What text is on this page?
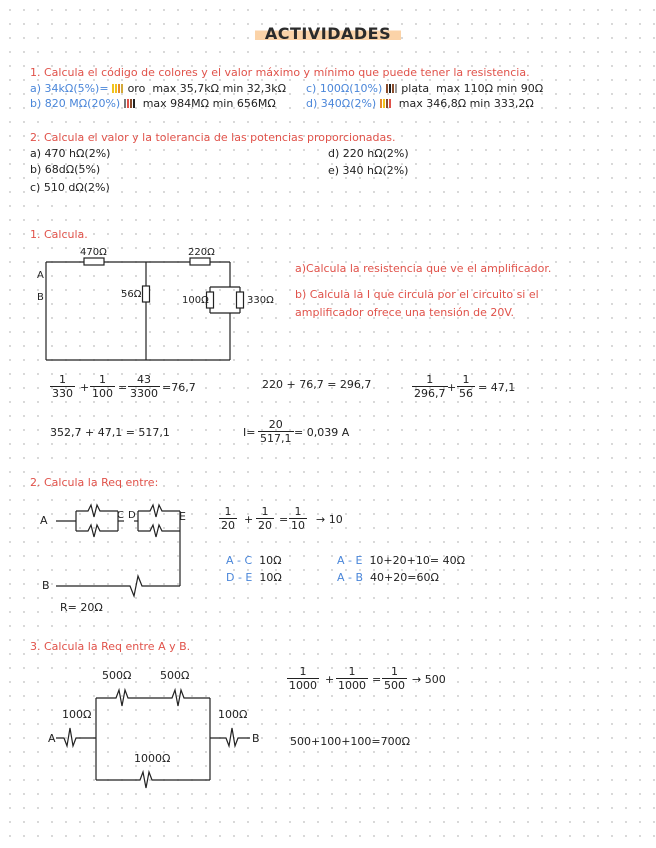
ACTIVIDADES
1. Calcula el código de colores y el valor máximo y mínimo que puede tener la resistencia.
a) 34kΩ(5%)= oro max 35,7kΩ min 32,3kΩ
b) 820 MΩ(20%) max 984MΩ min 656MΩ
c) 100Ω(10%) plata max 110Ω min 90Ω
d) 340Ω(2%) max 346,8Ω min 333,2Ω
2. Calcula el valor y la tolerancia de las potencias proporcionadas.
a) 470 hΩ(2%)
b) 68dΩ(5%)
c) 510 dΩ(2%)
d) 220 hΩ(2%)
e) 340 hΩ(2%)
1. Calcula.
470Ω	220Ω
56Ω
100Ω	330Ω
A
B
a)Calcula la resistencia que ve el amplificador.
b) Calcula la I que circula por el circuito si el
amplificador ofrece una tensión de 20V.
$\frac{1}{330} + \frac{1}{100} = \frac{43}{3300} =76,7$	220 + 76,7 = 296,7	$\frac{1}{296,7} + \frac{1}{56} = 47,1$
352,7 + 47,1 = 517,1	$I= \frac{20}{517,1} = 0,039$ A
2. Calcula la Req entre:
A	C D	E
B
R= 20Ω
$\frac{1}{20} + \frac{1}{20} = \frac{1}{10} \to 10$
A - C 10Ω
D - E 10Ω
A - E 10+20+10= 40Ω
A - B 40+20=60Ω
3. Calcula la Req entre A y B.
500Ω	500Ω
100Ω	100Ω
1000Ω
A	B
$\frac{1}{1000} + \frac{1}{1000} = \frac{1}{500} \to 500$
500+100+100=700Ω
